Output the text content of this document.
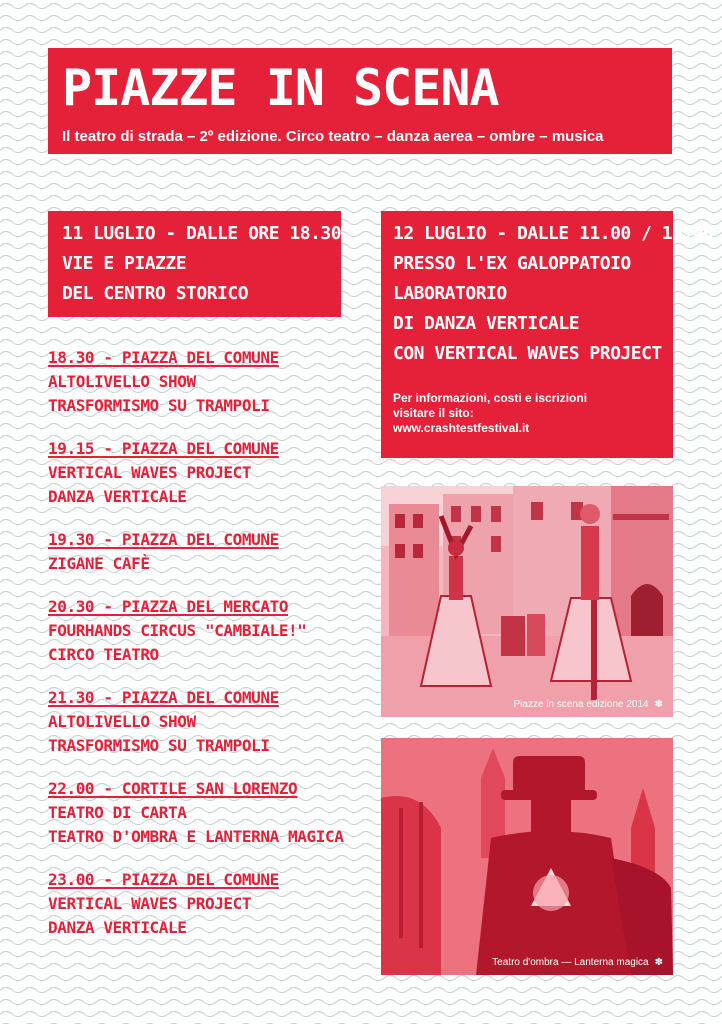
PIAZZE IN SCENA

Il teatro di strada – 2º edizione. Circo teatro – danza aerea – ombre – musica

11 LUGLIO - DALLE ORE 18.30
VIE E PIAZZE
DEL CENTRO STORICO
12 LUGLIO - DALLE 11.00 / 16.00
PRESSO L'EX GALOPPATOIO
LABORATORIO
DI DANZA VERTICALE
CON VERTICAL WAVES PROJECT
Per informazioni, costi e iscrizioni
visitare il sito:
www.crashtestfestival.it
18.30 - PIAZZA DEL COMUNE
ALTOLIVELLO SHOW
TRASFORMISMO SU TRAMPOLI
19.15 - PIAZZA DEL COMUNE
VERTICAL WAVES PROJECT
DANZA VERTICALE
19.30 - PIAZZA DEL COMUNE
ZIGANE CAFÈ
20.30 - PIAZZA DEL MERCATO
FOURHANDS CIRCUS "CAMBIALE!"
CIRCO TEATRO
21.30 - PIAZZA DEL COMUNE
ALTOLIVELLO SHOW
TRASFORMISMO SU TRAMPOLI
22.00 - CORTILE SAN LORENZO
TEATRO DI CARTA
TEATRO D'OMBRA E LANTERNA MAGICA
23.00 - PIAZZA DEL COMUNE
VERTICAL WAVES PROJECT
DANZA VERTICALE
Piazze in scena edizione 2014 ✽
Teatro d'ombra — Lanterna magica ✽
